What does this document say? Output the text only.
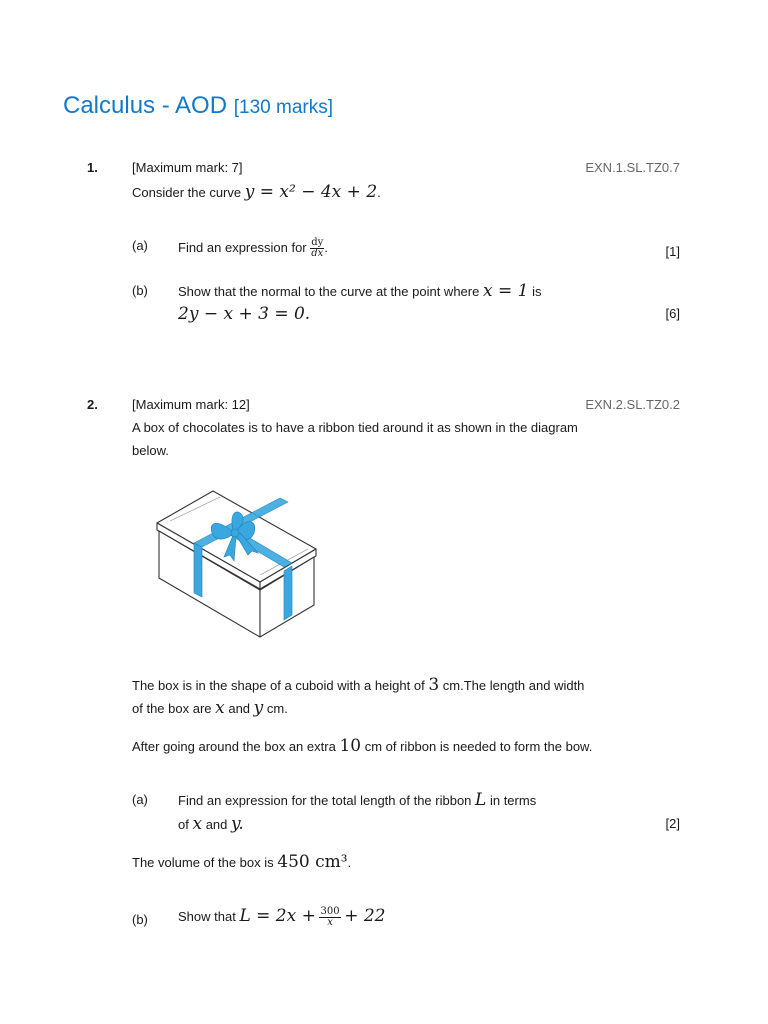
Calculus - AOD [130 marks]
1.	[Maximum mark: 7]	EXN.1.SL.TZ0.7
Consider the curve y = x² − 4x + 2.
(a) Find an expression for $\frac{dy}{dx}$ .	[1]
(b) Show that the normal to the curve at the point where x = 1 is
2y − x + 3 = 0.	[6]
2.	[Maximum mark: 12]	EXN.2.SL.TZ0.2
A box of chocolates is to have a ribbon tied around it as shown in the diagram
below.
The box is in the shape of a cuboid with a height of 3 cm.The length and width
of the box are x and y cm.
After going around the box an extra 10 cm of ribbon is needed to form the bow.
(a) Find an expression for the total length of the ribbon L in terms
of x and y.	[2]
The volume of the box is 450 cm³.
(b) Show that $L = 2x + \frac{300}{x} + 22$
